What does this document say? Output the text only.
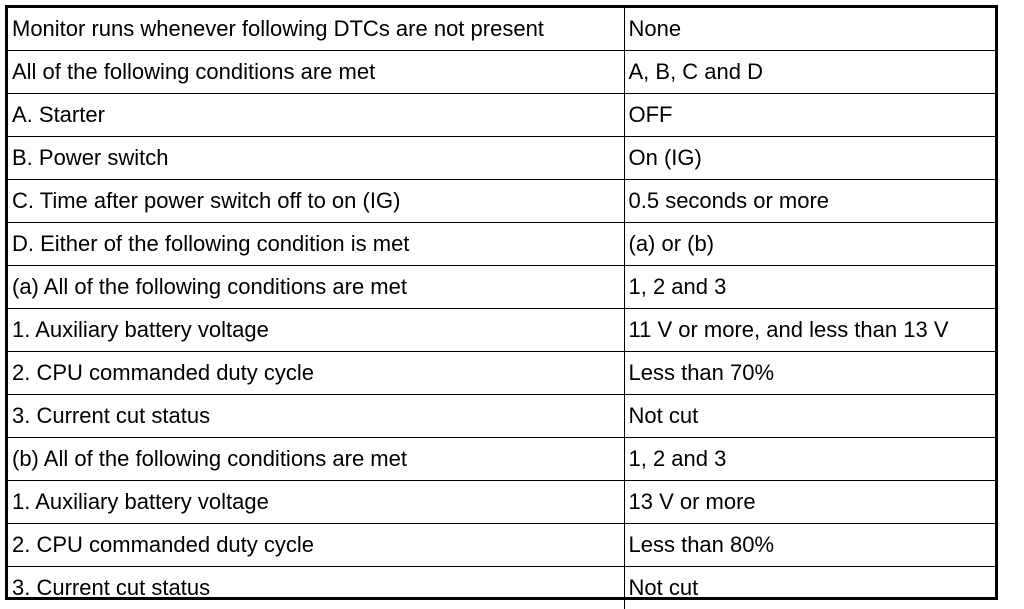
Monitor runs whenever following DTCs are not present	None
All of the following conditions are met	A, B, C and D
A. Starter	OFF
B. Power switch	On (IG)
C. Time after power switch off to on (IG)	0.5 seconds or more
D. Either of the following condition is met	(a) or (b)
(a) All of the following conditions are met	1, 2 and 3
1. Auxiliary battery voltage	11 V or more, and less than 13 V
2. CPU commanded duty cycle	Less than 70%
3. Current cut status	Not cut
(b) All of the following conditions are met	1, 2 and 3
1. Auxiliary battery voltage	13 V or more
2. CPU commanded duty cycle	Less than 80%
3. Current cut status	Not cut
